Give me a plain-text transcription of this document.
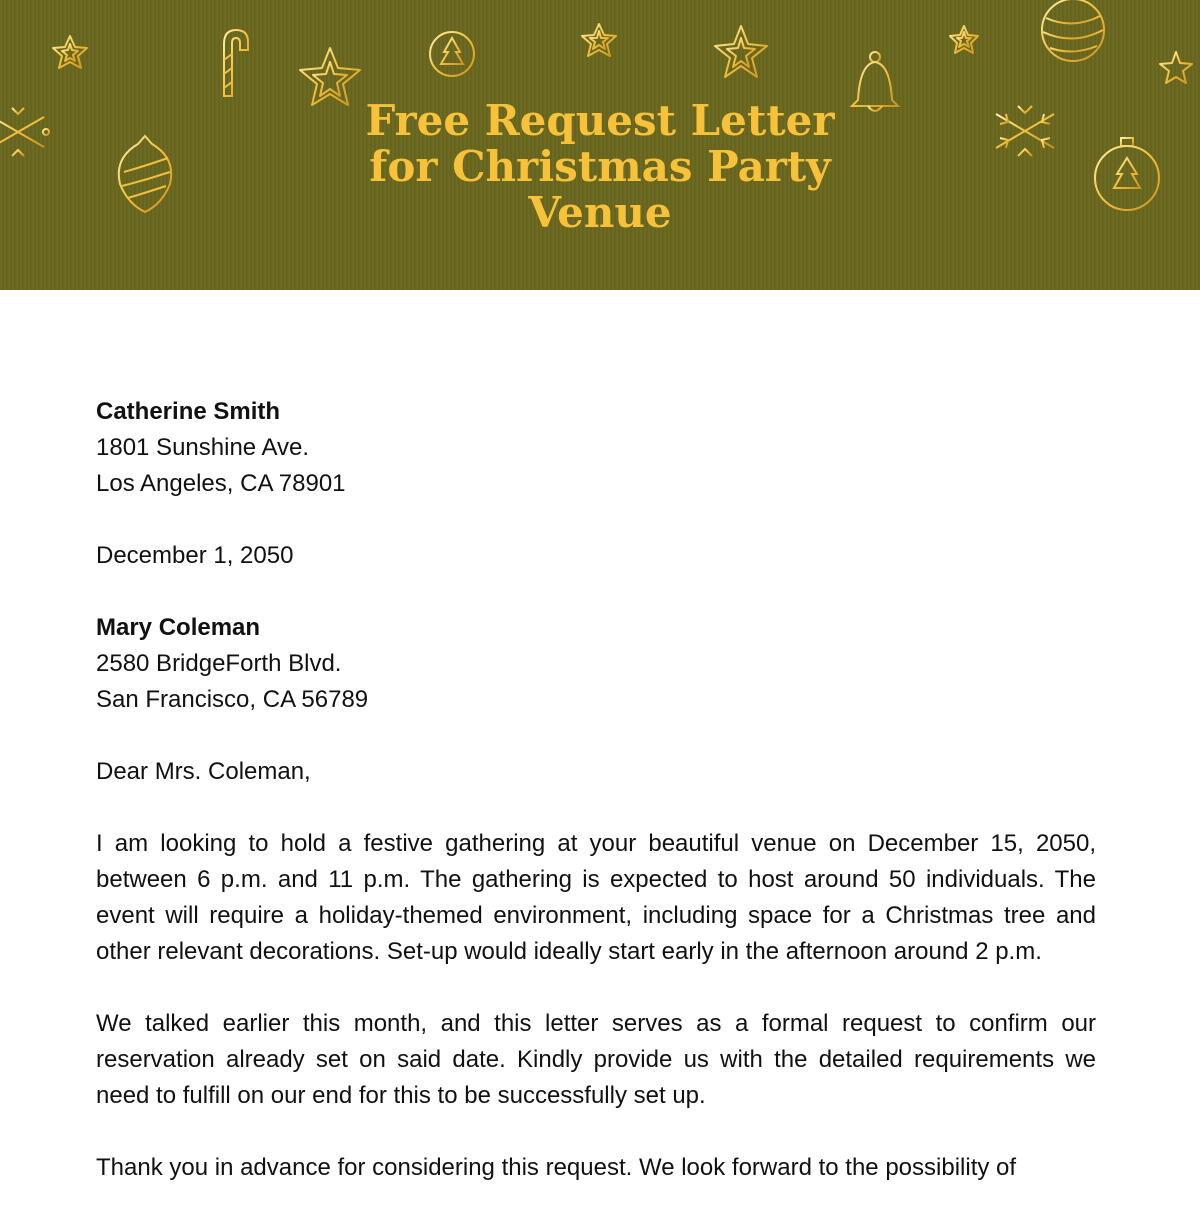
Free Request Letter
for Christmas Party
Venue

Catherine Smith

1801 Sunshine Ave.

Los Angeles, CA 78901

December 1, 2050

Mary Coleman

2580 BridgeForth Blvd.

San Francisco, CA 56789

Dear Mrs. Coleman,

I am looking to hold a festive gathering at your beautiful venue on December 15, 2050, between 6 p.m. and 11 p.m. The gathering is expected to host around 50 individuals. The event will require a holiday-themed environment, including space for a Christmas tree and other relevant decorations. Set-up would ideally start early in the afternoon around 2 p.m.

We talked earlier this month, and this letter serves as a formal request to confirm our reservation already set on said date. Kindly provide us with the detailed requirements we need to fulfill on our end for this to be successfully set up.

Thank you in advance for considering this request. We look forward to the possibility of
